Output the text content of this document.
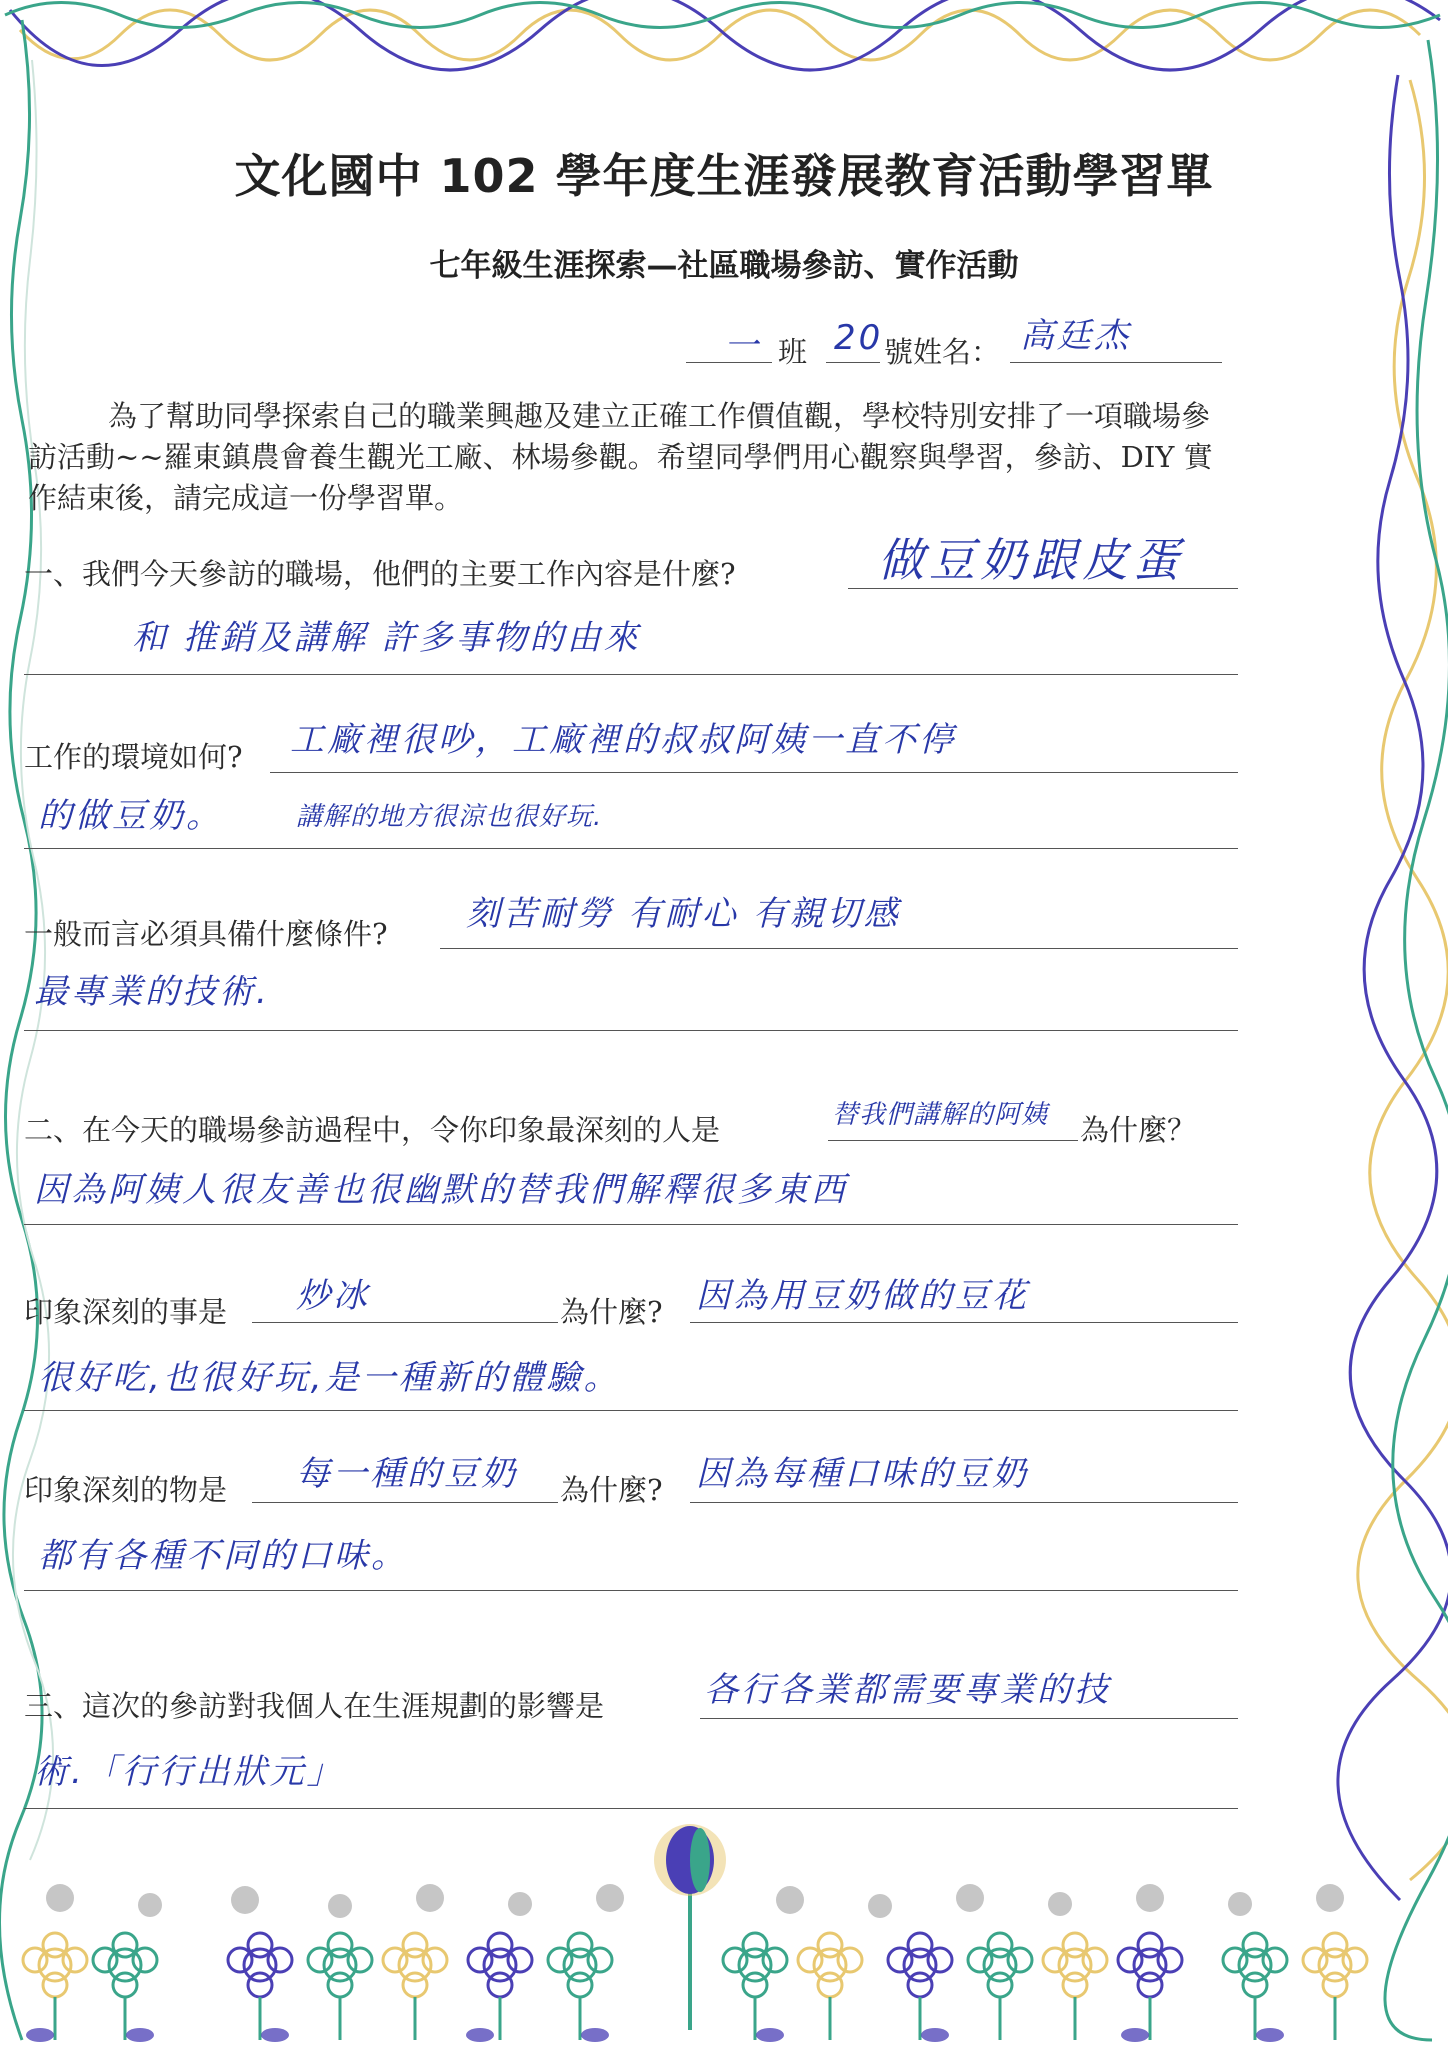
文化國中 102 學年度生涯發展教育活動學習單
七年級生涯探索—社區職場參訪、實作活動
一 班 20 號姓名： 高廷杰
為了幫助同學探索自己的職業興趣及建立正確工作價值觀，學校特別安排了一項職場參訪活動~~羅東鎮農會養生觀光工廠、林場參觀。希望同學們用心觀察與學習，參訪、DIY 實作結束後，請完成這一份學習單。
一、我們今天參訪的職場，他們的主要工作內容是什麼?	做豆奶跟皮蛋
和 推銷及講解 許多事物的由來
工作的環境如何? 工廠裡很吵，工廠裡的叔叔阿姨一直不停
的做豆奶。	講解的地方很涼也很好玩.
一般而言必須具備什麼條件? 刻苦耐勞 有耐心 有親切感
最專業的技術.
二、在今天的職場參訪過程中，令你印象最深刻的人是	替我們講解的阿姨 為什麼？
因為阿姨人很友善也很幽默的替我們解釋很多東西
印象深刻的事是 炒冰	為什麼? 因為用豆奶做的豆花
很好吃,也很好玩,是一種新的體驗。
印象深刻的物是 每一種的豆奶 為什麼? 因為每種口味的豆奶
都有各種不同的口味。
三、這次的參訪對我個人在生涯規劃的影響是	各行各業都需要專業的技
術.「行行出狀元」
